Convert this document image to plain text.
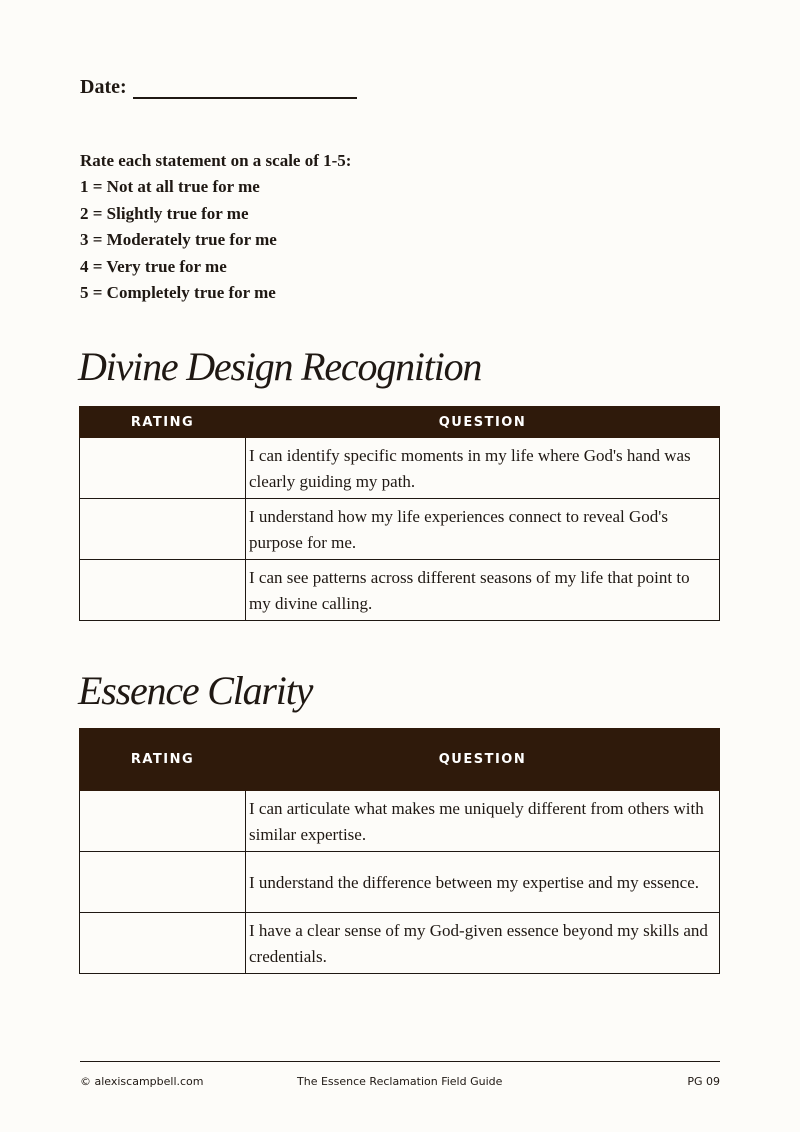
Date:
Rate each statement on a scale of 1-5:
1 = Not at all true for me
2 = Slightly true for me
3 = Moderately true for me
4 = Very true for me
5 = Completely true for me
Divine Design Recognition
RATING	QUESTION
	I can identify specific moments in my life where God's hand was clearly guiding my path.
	I understand how my life experiences connect to reveal God's purpose for me.
	I can see patterns across different seasons of my life that point to my divine calling.
Essence Clarity
RATING	QUESTION
	I can articulate what makes me uniquely different from others with similar expertise.
	I understand the difference between my expertise and my essence.
	I have a clear sense of my God-given essence beyond my skills and credentials.
© alexiscampbell.com	The Essence Reclamation Field Guide	PG 09
